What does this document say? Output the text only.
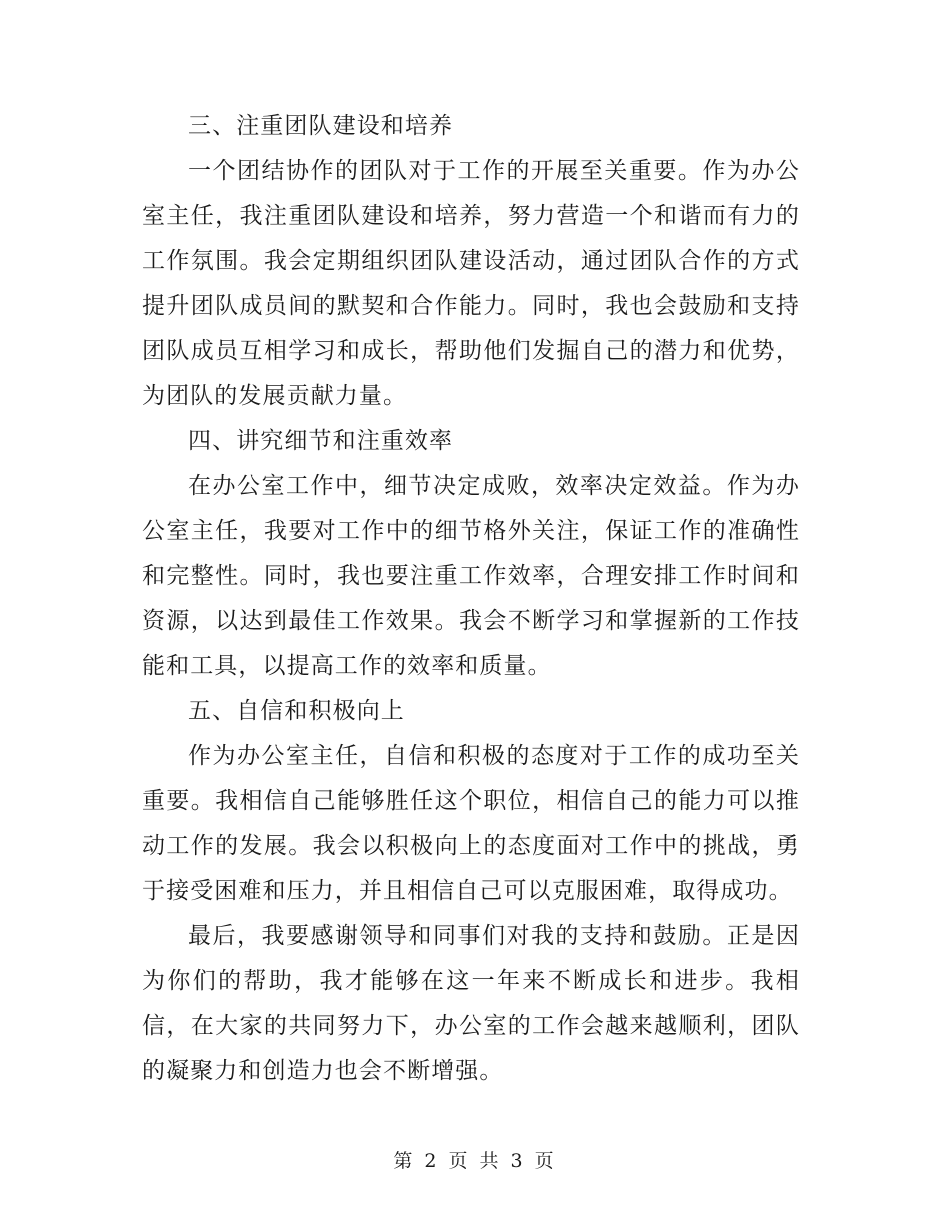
三、注重团队建设和培养

一个团结协作的团队对于工作的开展至关重要。作为办公室主任，我注重团队建设和培养，努力营造一个和谐而有力的工作氛围。我会定期组织团队建设活动，通过团队合作的方式提升团队成员间的默契和合作能力。同时，我也会鼓励和支持团队成员互相学习和成长，帮助他们发掘自己的潜力和优势，为团队的发展贡献力量。

四、讲究细节和注重效率

在办公室工作中，细节决定成败，效率决定效益。作为办公室主任，我要对工作中的细节格外关注，保证工作的准确性和完整性。同时，我也要注重工作效率，合理安排工作时间和资源，以达到最佳工作效果。我会不断学习和掌握新的工作技能和工具，以提高工作的效率和质量。

五、自信和积极向上

作为办公室主任，自信和积极的态度对于工作的成功至关重要。我相信自己能够胜任这个职位，相信自己的能力可以推动工作的发展。我会以积极向上的态度面对工作中的挑战，勇于接受困难和压力，并且相信自己可以克服困难，取得成功。

最后，我要感谢领导和同事们对我的支持和鼓励。正是因为你们的帮助，我才能够在这一年来不断成长和进步。我相信，在大家的共同努力下，办公室的工作会越来越顺利，团队的凝聚力和创造力也会不断增强。

第 2 页 共 3 页
